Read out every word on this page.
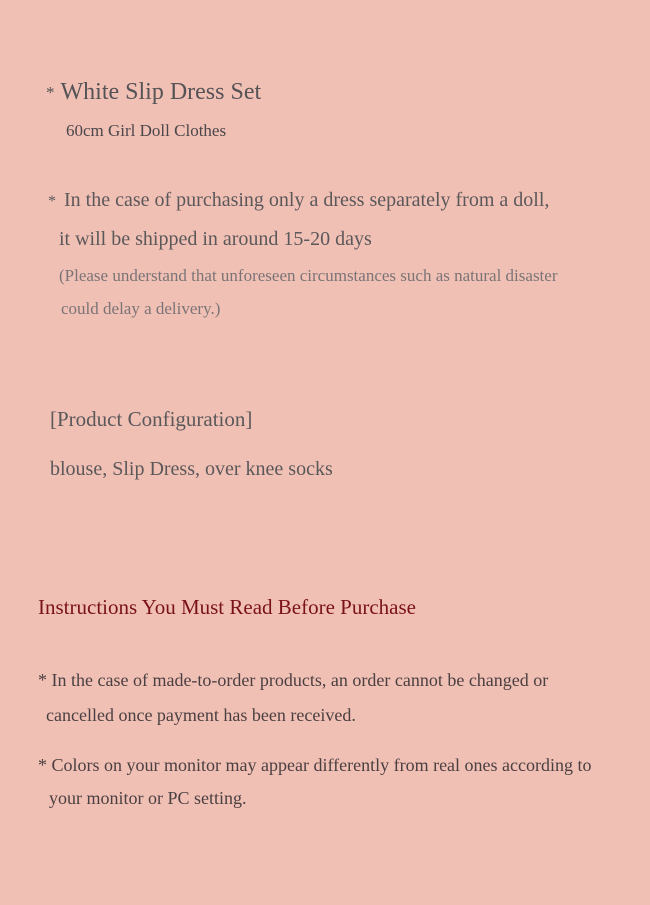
* White Slip Dress Set
60cm Girl Doll Clothes
* In the case of purchasing only a dress separately from a doll,
it will be shipped in around 15-20 days
(Please understand that unforeseen circumstances such as natural disaster
could delay a delivery.)
[Product Configuration]
blouse, Slip Dress, over knee socks
Instructions You Must Read Before Purchase
* In the case of made-to-order products, an order cannot be changed or
cancelled once payment has been received.
* Colors on your monitor may appear differently from real ones according to
your monitor or PC setting.
